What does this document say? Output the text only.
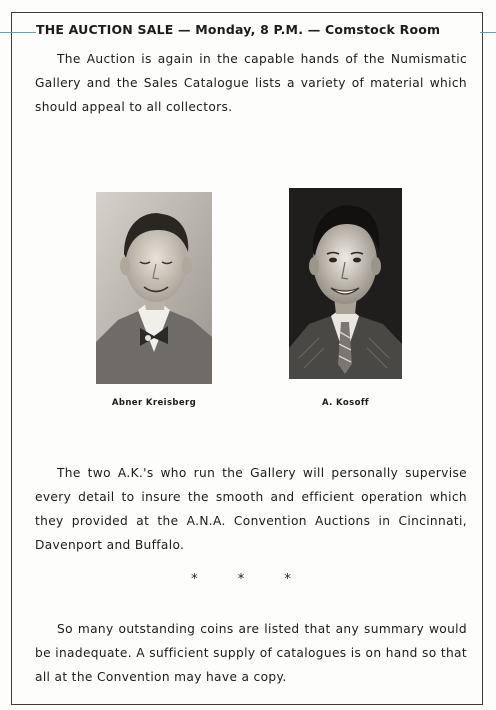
THE AUCTION SALE — Monday, 8 P.M. — Comstock Room
The Auction is again in the capable hands of the Numismatic Gallery and the Sales Catalogue lists a variety of material which should appeal to all collectors.
Abner Kreisberg	A. Kosoff
The two A.K.'s who run the Gallery will personally supervise every detail to insure the smooth and efficient operation which they provided at the A.N.A. Convention Auctions in Cincinnati, Davenport and Buffalo.
* * *
So many outstanding coins are listed that any summary would be inadequate. A sufficient supply of catalogues is on hand so that all at the Convention may have a copy.
